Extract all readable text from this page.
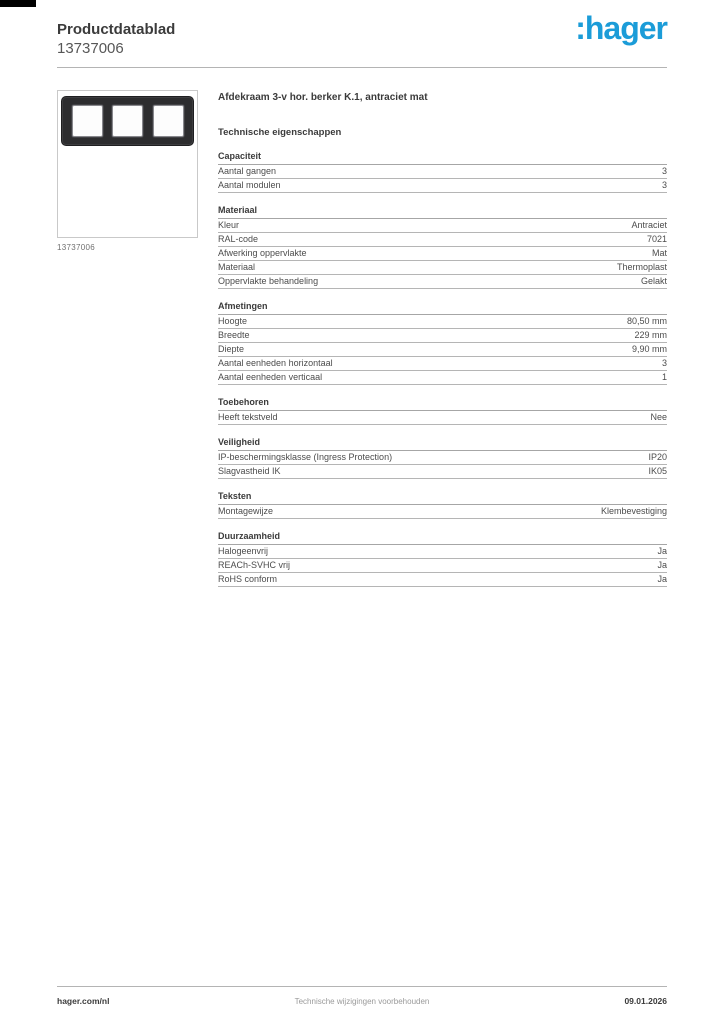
Productdatablad
13737006
:hager
13737006
Afdekraam 3-v hor. berker K.1, antraciet mat
Technische eigenschappen
Capaciteit
Aantal gangen	3
Aantal modulen	3
Materiaal
Kleur	Antraciet
RAL-code	7021
Afwerking oppervlakte	Mat
Materiaal	Thermoplast
Oppervlakte behandeling	Gelakt
Afmetingen
Hoogte	80,50 mm
Breedte	229 mm
Diepte	9,90 mm
Aantal eenheden horizontaal	3
Aantal eenheden verticaal	1
Toebehoren
Heeft tekstveld	Nee
Veiligheid
IP-beschermingsklasse (Ingress Protection)	IP20
Slagvastheid IK	IK05
Teksten
Montagewijze	Klembevestiging
Duurzaamheid
Halogeenvrij	Ja
REACh-SVHC vrij	Ja
RoHS conform	Ja
hager.com/nl	Technische wijzigingen voorbehouden	09.01.2026
